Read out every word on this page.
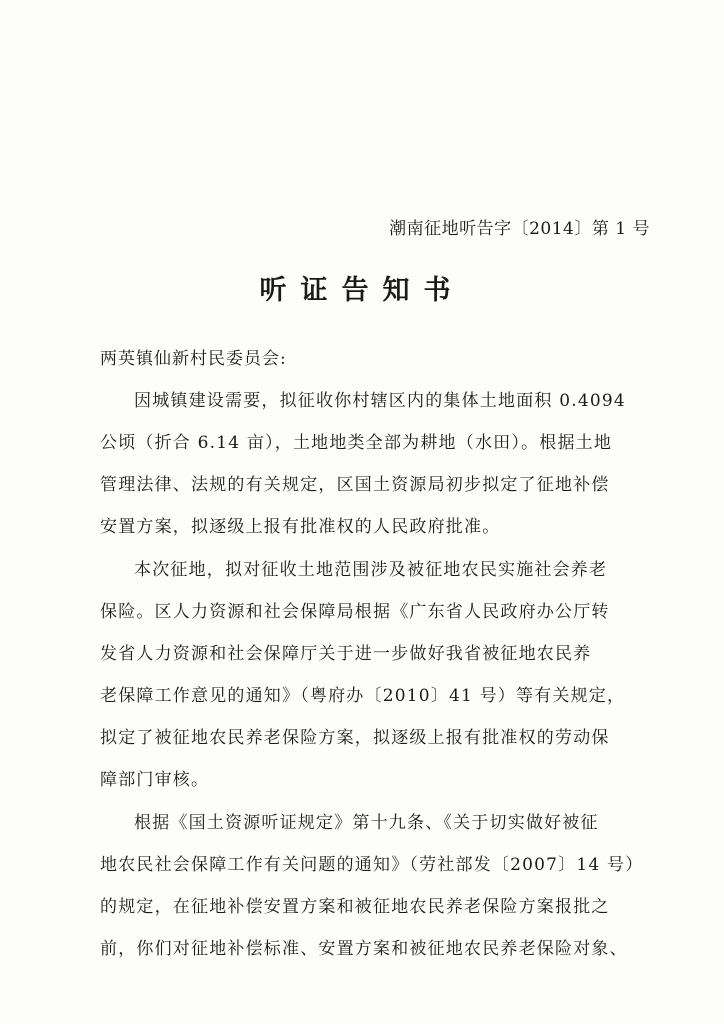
潮南征地听告字〔2014〕第 1 号
听证告知书
两英镇仙新村民委员会:
因城镇建设需要，拟征收你村辖区内的集体土地面积 0.4094
公顷（折合 6.14 亩），土地地类全部为耕地（水田）。根据土地
管理法律、法规的有关规定，区国土资源局初步拟定了征地补偿
安置方案，拟逐级上报有批准权的人民政府批准。
本次征地，拟对征收土地范围涉及被征地农民实施社会养老
保险。区人力资源和社会保障局根据《广东省人民政府办公厅转
发省人力资源和社会保障厅关于进一步做好我省被征地农民养
老保障工作意见的通知》（粤府办〔2010〕41 号）等有关规定，
拟定了被征地农民养老保险方案，拟逐级上报有批准权的劳动保
障部门审核。
根据《国土资源听证规定》第十九条、《关于切实做好被征
地农民社会保障工作有关问题的通知》（劳社部发〔2007〕14 号）
的规定，在征地补偿安置方案和被征地农民养老保险方案报批之
前，你们对征地补偿标准、安置方案和被征地农民养老保险对象、
